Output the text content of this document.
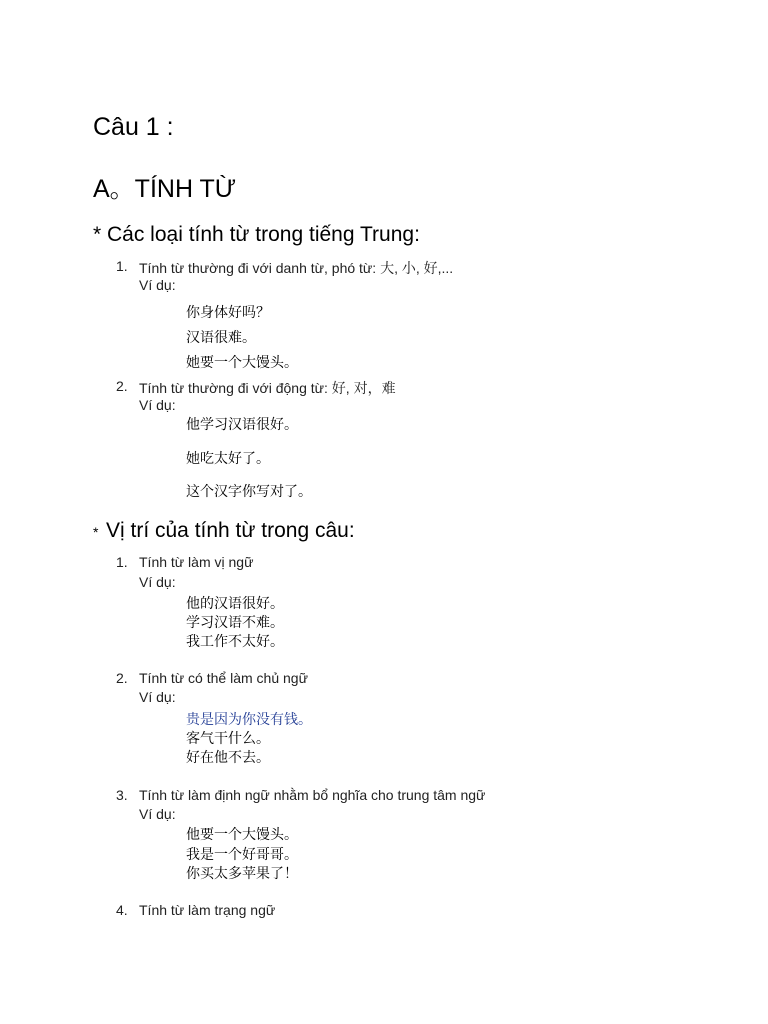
Câu 1 :
A。TÍNH TỪ
* Các loại tính từ trong tiếng Trung:
1. Tính từ thường đi với danh từ, phó từ: 大, 小, 好,...
Ví dụ:
你身体好吗？
汉语很难。
她要一个大馒头。
2. Tính từ thường đi với động từ: 好, 对，难
Ví dụ:
他学习汉语很好。
她吃太好了。
这个汉字你写对了。
* Vị trí của tính từ trong câu:
1. Tính từ làm vị ngữ
Ví dụ:
他的汉语很好。
学习汉语不难。
我工作不太好。
2. Tính từ có thể làm chủ ngữ
Ví dụ:
贵是因为你没有钱。
客气干什么。
好在他不去。
3. Tính từ làm định ngữ nhằm bổ nghĩa cho trung tâm ngữ
Ví dụ:
他要一个大馒头。
我是一个好哥哥。
你买太多苹果了！
4. Tính từ làm trạng ngữ
